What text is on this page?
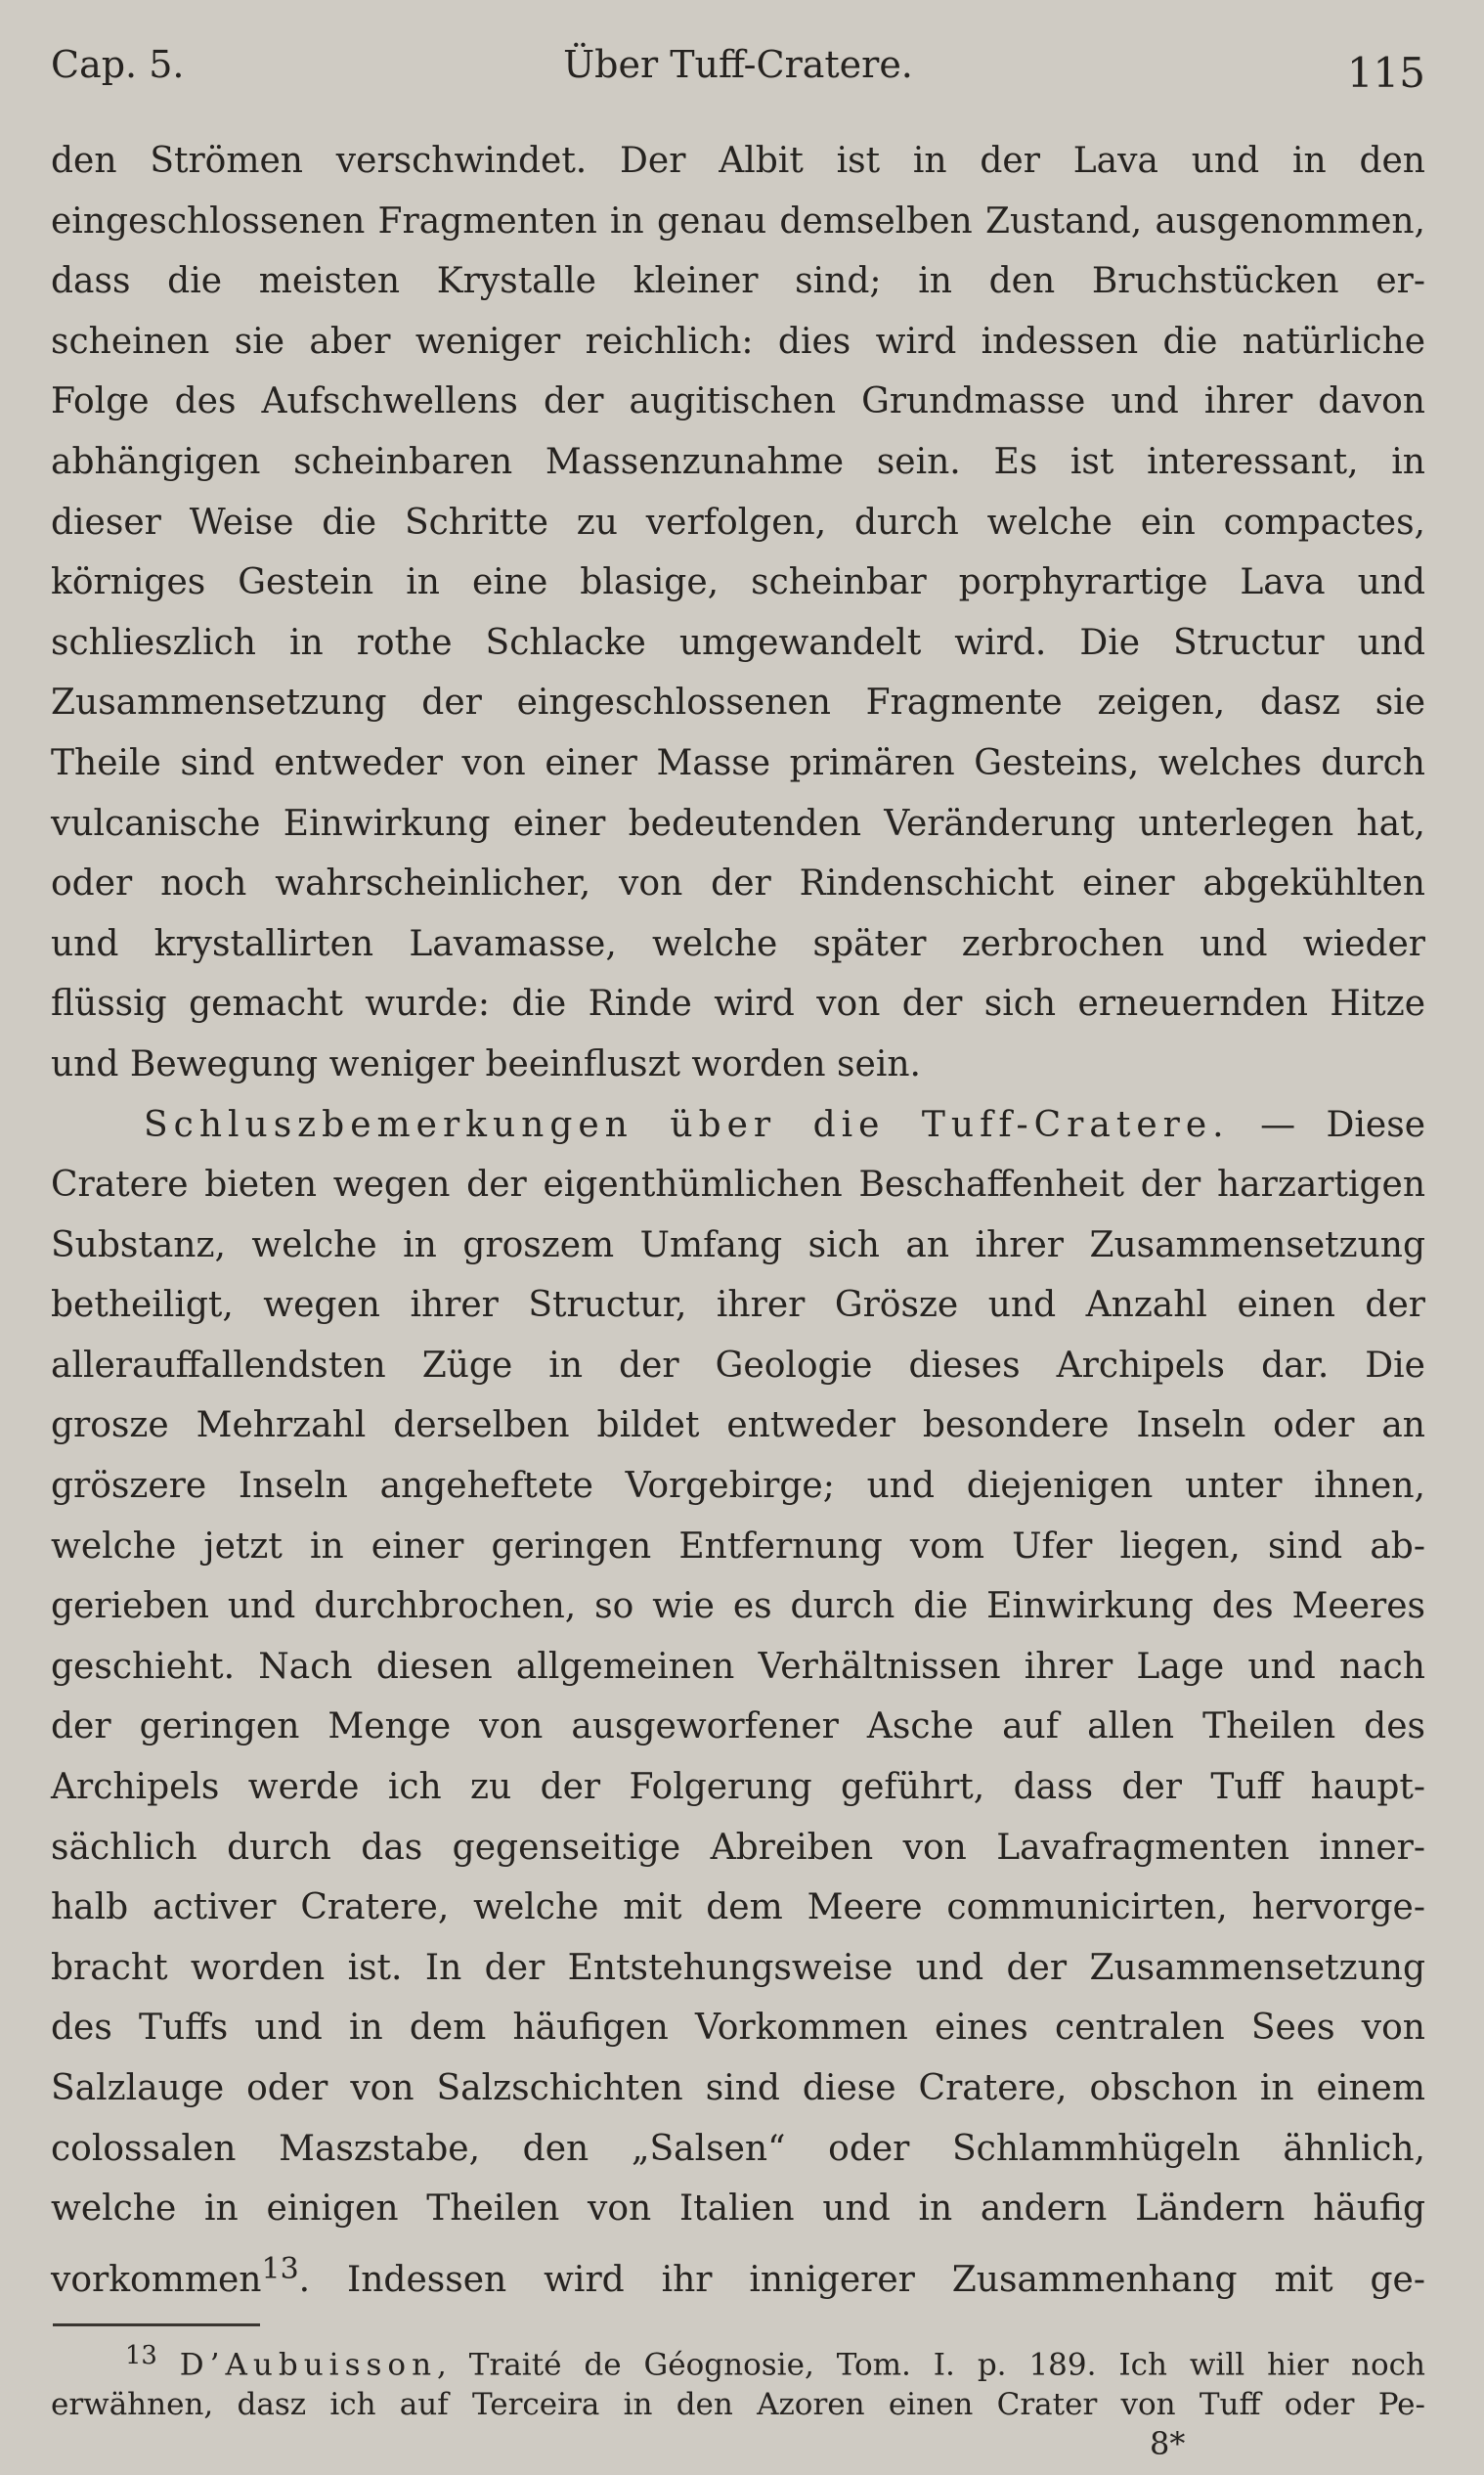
Cap. 5.	Über Tuff-Cratere.	115
den Strömen verschwindet. Der Albit ist in der Lava und in den
eingeschlossenen Fragmenten in genau demselben Zustand, ausgenommen,
dass die meisten Krystalle kleiner sind; in den Bruchstücken er-
scheinen sie aber weniger reichlich: dies wird indessen die natürliche
Folge des Aufschwellens der augitischen Grundmasse und ihrer davon
abhängigen scheinbaren Massenzunahme sein. Es ist interessant, in
dieser Weise die Schritte zu verfolgen, durch welche ein compactes,
körniges Gestein in eine blasige, scheinbar porphyrartige Lava und
schlieszlich in rothe Schlacke umgewandelt wird. Die Structur und
Zusammensetzung der eingeschlossenen Fragmente zeigen, dasz sie
Theile sind entweder von einer Masse primären Gesteins, welches durch
vulcanische Einwirkung einer bedeutenden Veränderung unterlegen hat,
oder noch wahrscheinlicher, von der Rindenschicht einer abgekühlten
und krystallirten Lavamasse, welche später zerbrochen und wieder
flüssig gemacht wurde: die Rinde wird von der sich erneuernden Hitze
und Bewegung weniger beeinfluszt worden sein.
Schluszbemerkungen über die Tuff-Cratere. — Diese
Cratere bieten wegen der eigenthümlichen Beschaffenheit der harzartigen
Substanz, welche in groszem Umfang sich an ihrer Zusammensetzung
betheiligt, wegen ihrer Structur, ihrer Grösze und Anzahl einen der
allerauffallendsten Züge in der Geologie dieses Archipels dar. Die
grosze Mehrzahl derselben bildet entweder besondere Inseln oder an
gröszere Inseln angeheftete Vorgebirge; und diejenigen unter ihnen,
welche jetzt in einer geringen Entfernung vom Ufer liegen, sind ab-
gerieben und durchbrochen, so wie es durch die Einwirkung des Meeres
geschieht. Nach diesen allgemeinen Verhältnissen ihrer Lage und nach
der geringen Menge von ausgeworfener Asche auf allen Theilen des
Archipels werde ich zu der Folgerung geführt, dass der Tuff haupt-
sächlich durch das gegenseitige Abreiben von Lavafragmenten inner-
halb activer Cratere, welche mit dem Meere communicirten, hervorge-
bracht worden ist. In der Entstehungsweise und der Zusammensetzung
des Tuffs und in dem häufigen Vorkommen eines centralen Sees von
Salzlauge oder von Salzschichten sind diese Cratere, obschon in einem
colossalen Maszstabe, den „Salsen“ oder Schlammhügeln ähnlich,
welche in einigen Theilen von Italien und in andern Ländern häufig
vorkommen$^{13}$. Indessen wird ihr innigerer Zusammenhang mit ge-
$^{13}$ D’Aubuisson, Traité de Géognosie, Tom. I. p. 189. Ich will hier noch
erwähnen, dasz ich auf Terceira in den Azoren einen Crater von Tuff oder Pe-
8*
